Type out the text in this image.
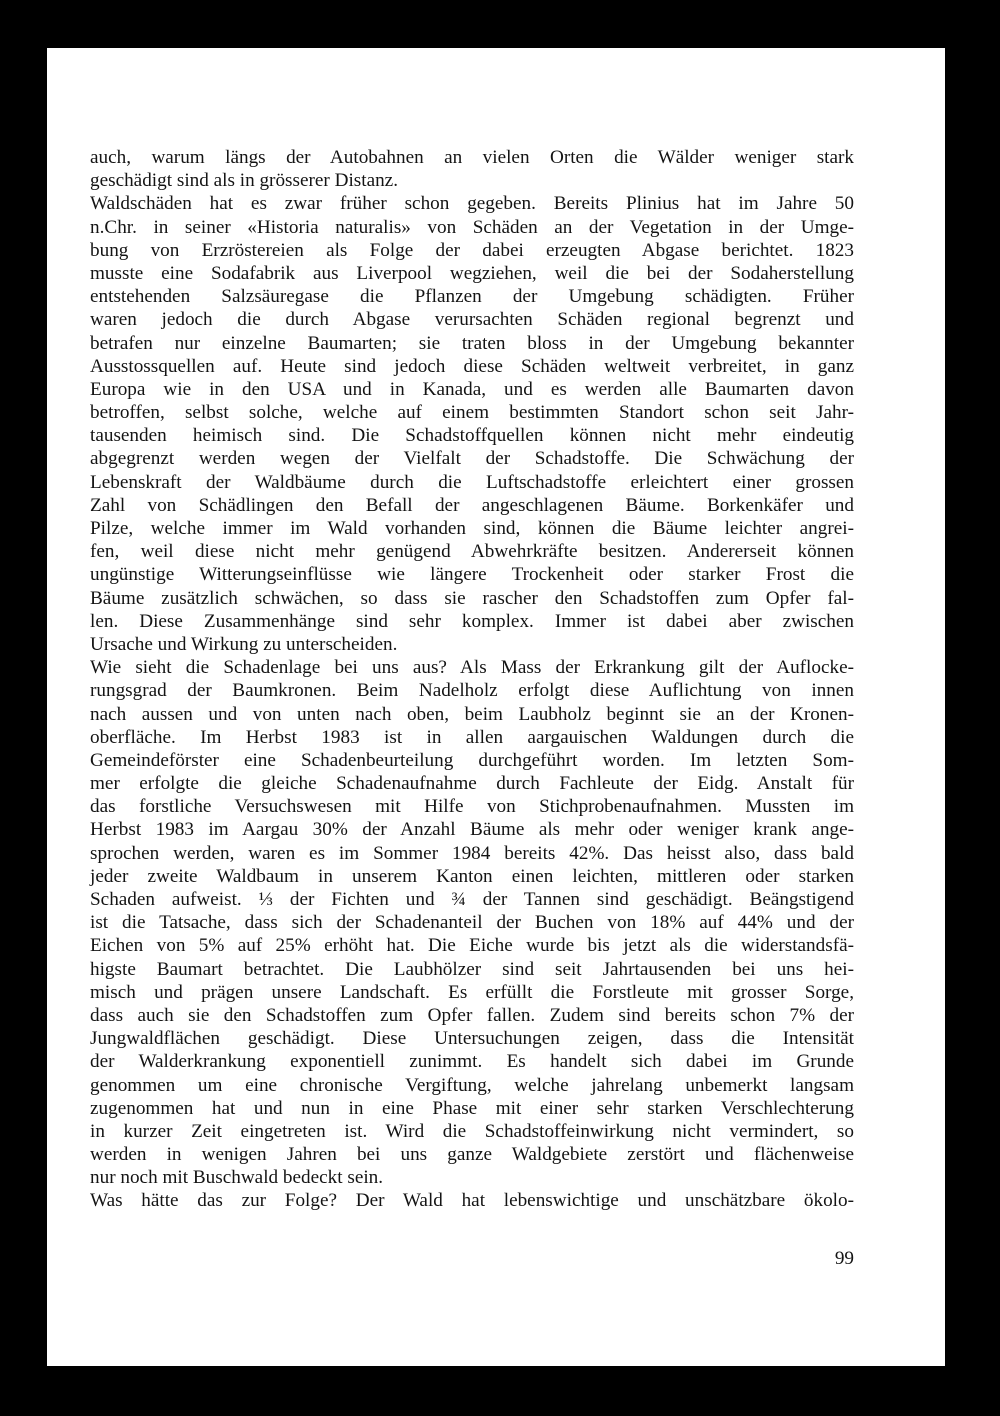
auch, warum längs der Autobahnen an vielen Orten die Wälder weniger stark
geschädigt sind als in grösserer Distanz.
Waldschäden hat es zwar früher schon gegeben. Bereits Plinius hat im Jahre 50
n.Chr. in seiner «Historia naturalis» von Schäden an der Vegetation in der Umge-
bung von Erzröstereien als Folge der dabei erzeugten Abgase berichtet. 1823
musste eine Sodafabrik aus Liverpool wegziehen, weil die bei der Sodaherstellung
entstehenden Salzsäuregase die Pflanzen der Umgebung schädigten. Früher
waren jedoch die durch Abgase verursachten Schäden regional begrenzt und
betrafen nur einzelne Baumarten; sie traten bloss in der Umgebung bekannter
Ausstossquellen auf. Heute sind jedoch diese Schäden weltweit verbreitet, in ganz
Europa wie in den USA und in Kanada, und es werden alle Baumarten davon
betroffen, selbst solche, welche auf einem bestimmten Standort schon seit Jahr-
tausenden heimisch sind. Die Schadstoffquellen können nicht mehr eindeutig
abgegrenzt werden wegen der Vielfalt der Schadstoffe. Die Schwächung der
Lebenskraft der Waldbäume durch die Luftschadstoffe erleichtert einer grossen
Zahl von Schädlingen den Befall der angeschlagenen Bäume. Borkenkäfer und
Pilze, welche immer im Wald vorhanden sind, können die Bäume leichter angrei-
fen, weil diese nicht mehr genügend Abwehrkräfte besitzen. Andererseit können
ungünstige Witterungseinflüsse wie längere Trockenheit oder starker Frost die
Bäume zusätzlich schwächen, so dass sie rascher den Schadstoffen zum Opfer fal-
len. Diese Zusammenhänge sind sehr komplex. Immer ist dabei aber zwischen
Ursache und Wirkung zu unterscheiden.
Wie sieht die Schadenlage bei uns aus? Als Mass der Erkrankung gilt der Auflocke-
rungsgrad der Baumkronen. Beim Nadelholz erfolgt diese Auflichtung von innen
nach aussen und von unten nach oben, beim Laubholz beginnt sie an der Kronen-
oberfläche. Im Herbst 1983 ist in allen aargauischen Waldungen durch die
Gemeindeförster eine Schadenbeurteilung durchgeführt worden. Im letzten Som-
mer erfolgte die gleiche Schadenaufnahme durch Fachleute der Eidg. Anstalt für
das forstliche Versuchswesen mit Hilfe von Stichprobenaufnahmen. Mussten im
Herbst 1983 im Aargau 30% der Anzahl Bäume als mehr oder weniger krank ange-
sprochen werden, waren es im Sommer 1984 bereits 42%. Das heisst also, dass bald
jeder zweite Waldbaum in unserem Kanton einen leichten, mittleren oder starken
Schaden aufweist. ⅓ der Fichten und ¾ der Tannen sind geschädigt. Beängstigend
ist die Tatsache, dass sich der Schadenanteil der Buchen von 18% auf 44% und der
Eichen von 5% auf 25% erhöht hat. Die Eiche wurde bis jetzt als die widerstandsfä-
higste Baumart betrachtet. Die Laubhölzer sind seit Jahrtausenden bei uns hei-
misch und prägen unsere Landschaft. Es erfüllt die Forstleute mit grosser Sorge,
dass auch sie den Schadstoffen zum Opfer fallen. Zudem sind bereits schon 7% der
Jungwaldflächen geschädigt. Diese Untersuchungen zeigen, dass die Intensität
der Walderkrankung exponentiell zunimmt. Es handelt sich dabei im Grunde
genommen um eine chronische Vergiftung, welche jahrelang unbemerkt langsam
zugenommen hat und nun in eine Phase mit einer sehr starken Verschlechterung
in kurzer Zeit eingetreten ist. Wird die Schadstoffeinwirkung nicht vermindert, so
werden in wenigen Jahren bei uns ganze Waldgebiete zerstört und flächenweise
nur noch mit Buschwald bedeckt sein.
Was hätte das zur Folge? Der Wald hat lebenswichtige und unschätzbare ökolo-
99
